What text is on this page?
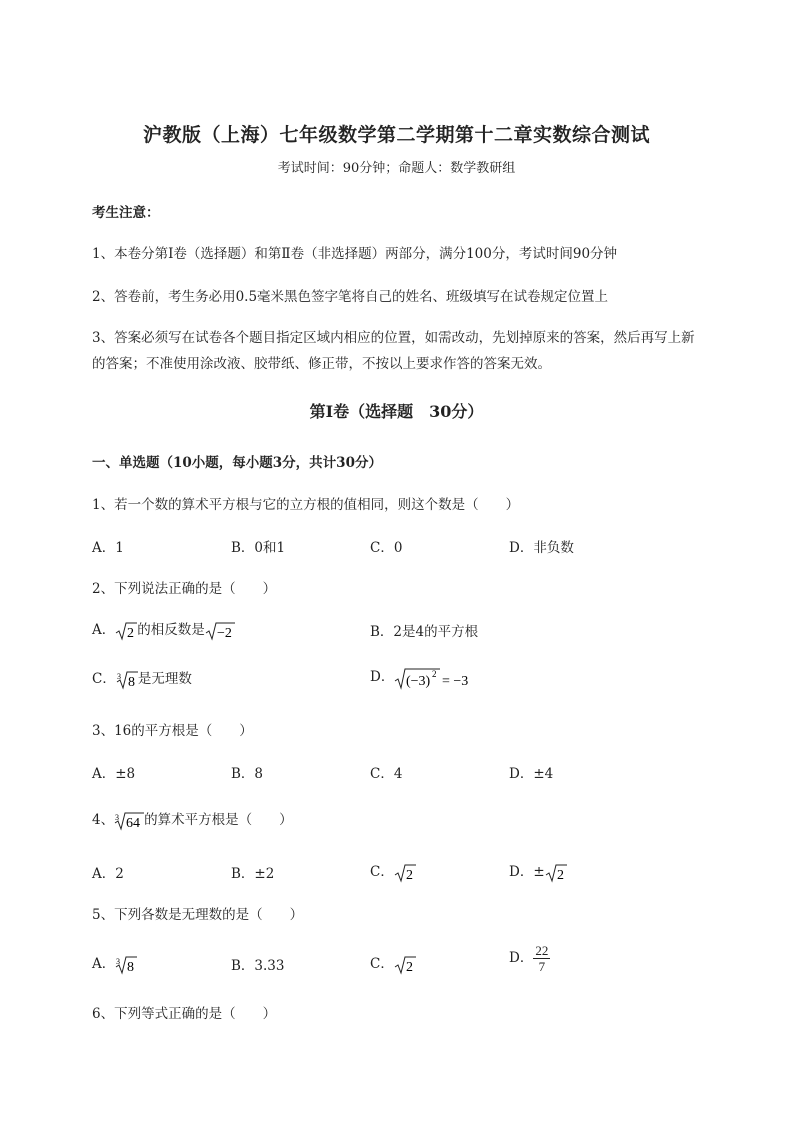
沪教版（上海）七年级数学第二学期第十二章实数综合测试
考试时间：90分钟；命题人：数学教研组
考生注意：
1、本卷分第I卷（选择题）和第Ⅱ卷（非选择题）两部分，满分100分，考试时间90分钟
2、答卷前，考生务必用0.5毫米黑色签字笔将自己的姓名、班级填写在试卷规定位置上
3、答案必须写在试卷各个题目指定区域内相应的位置，如需改动，先划掉原来的答案，然后再写上新
的答案；不准使用涂改液、胶带纸、修正带，不按以上要求作答的答案无效。
第I卷（选择题　30分）
一、单选题（10小题，每小题3分，共计30分）
1、若一个数的算术平方根与它的立方根的值相同，则这个数是（　　）
A．1	B．0和1	C．0	D．非负数
2、下列说法正确的是（　　）
A． 2 的相反数是 −2	B．2是4的平方根
C． 3 8 是无理数	D． (−3) 2 = −3
3、16的平方根是（　　）
A．±8	B．8	C．4	D．±4
4、 3 64 的算术平方根是（　　）
A．2	B．±2	C． 2	D．± 2
5、下列各数是无理数的是（　　）
A． 3 8	B．3.33	C． 2
D． $\frac{22}{7}$
6、下列等式正确的是（　　）
